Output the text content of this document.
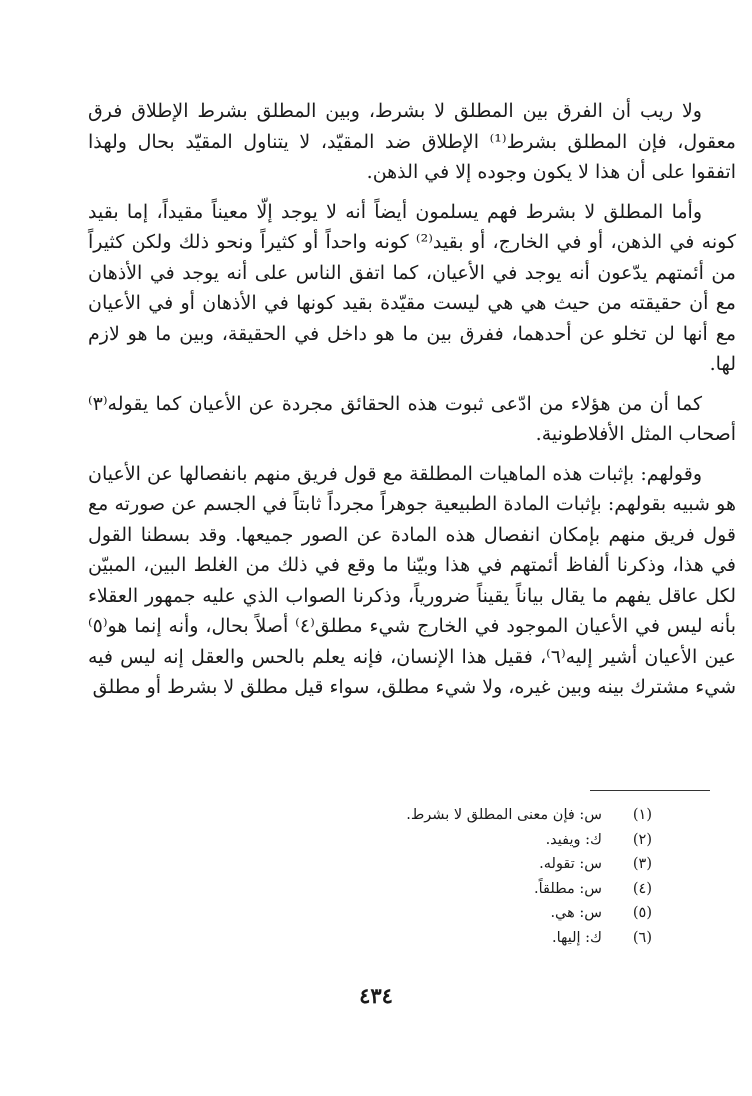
ولا ريب أن الفرق بين المطلق لا بشرط، وبين المطلق بشرط الإطلاق فرق معقول، فإن المطلق بشرط⁽¹⁾ الإطلاق ضد المقيّد، لا يتناول المقيّد بحال ولهذا اتفقوا على أن هذا لا يكون وجوده إلا في الذهن.

وأما المطلق لا بشرط فهم يسلمون أيضاً أنه لا يوجد إلّا معيناً مقيداً، إما بقيد كونه في الذهن، أو في الخارج، أو بقيد⁽²⁾ كونه واحداً أو كثيراً ونحو ذلك ولكن كثيراً من أئمتهم يدّعون أنه يوجد في الأعيان، كما اتفق الناس على أنه يوجد في الأذهان مع أن حقيقته من حيث هي هي ليست مقيّدة بقيد كونها في الأذهان أو في الأعيان مع أنها لن تخلو عن أحدهما، ففرق بين ما هو داخل في الحقيقة، وبين ما هو لازم لها.

كما أن من هؤلاء من ادّعى ثبوت هذه الحقائق مجردة عن الأعيان كما يقوله⁽٣⁾ أصحاب المثل الأفلاطونية.

وقولهم: بإثبات هذه الماهيات المطلقة مع قول فريق منهم بانفصالها عن الأعيان هو شبيه بقولهم: بإثبات المادة الطبيعية جوهراً مجرداً ثابتاً في الجسم عن صورته مع قول فريق منهم بإمكان انفصال هذه المادة عن الصور جميعها. وقد بسطنا القول في هذا، وذكرنا ألفاظ أئمتهم في هذا وبيّنا ما وقع في ذلك من الغلط البين، المبيّن لكل عاقل يفهم ما يقال بياناً يقيناً ضرورياً، وذكرنا الصواب الذي عليه جمهور العقلاء بأنه ليس في الأعيان الموجود في الخارج شيء مطلق⁽٤⁾ أصلاً بحال، وأنه إنما هو⁽٥⁾ عين الأعيان أشير إليه⁽٦⁾، فقيل هذا الإنسان، فإنه يعلم بالحس والعقل إنه ليس فيه شيء مشترك بينه وبين غيره، ولا شيء مطلق، سواء قيل مطلق لا بشرط أو مطلق

(١)
س: فإن معنى المطلق لا بشرط.
(٢)
ك: ويفيد.
(٣)
س: تقوله.
(٤)
س: مطلقاً.
(٥)
س: هي.
(٦)
ك: إليها.
٤٣٤
